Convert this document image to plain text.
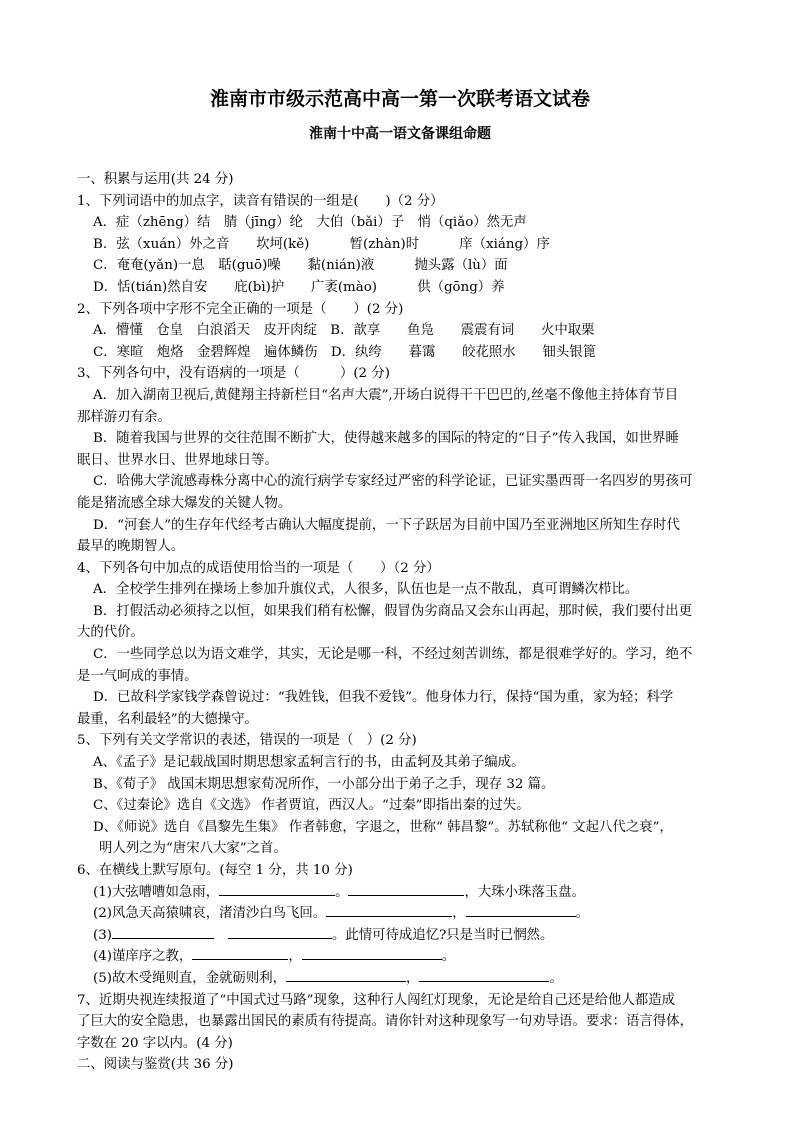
淮南市市级示范高中高一第一次联考语文试卷
淮南十中高一语文备课组命题
一、积累与运用(共 24 分)
1、下列词语中的加点字，读音有错误的一组是(　　)（2 分）
A．症（zhēng）结　腈（jīng）纶　大伯（bǎi）子　悄（qiǎo）然无声
B．弦（xuán）外之音　　坎坷(kě)　　　暂(zhàn)时　　　庠（xiáng）序
C．奄奄(yǎn)一息　聒(guō)噪　　黏(nián)液　　　抛头露（lù）面
D．恬(tián)然自安　　庇(bì)护　　广袤(mào)　　　供（gōng）养
2、下列各项中字形不完全正确的一项是（　　）(2 分)
A．懵懂　仓皇　白浪滔天　皮开肉绽　B．歆享　　鱼凫　　震震有词　　火中取栗
C．寒暄　炮烙　金碧辉煌　遍体鳞伤　D．纨绔　　暮霭　　皎花照水　　钿头银篦
3、下列各句中，没有语病的一项是（　　　）(2 分)
A．加入湖南卫视后,黄健翔主持新栏目“名声大震”,开场白说得干干巴巴的,丝毫不像他主持体育节目
那样游刃有余。
B．随着我国与世界的交往范围不断扩大，使得越来越多的国际的特定的“日子”传入我国，如世界睡
眠日、世界水日、世界地球日等。
C．哈佛大学流感毒株分离中心的流行病学专家经过严密的科学论证，已证实墨西哥一名四岁的男孩可
能是猪流感全球大爆发的关键人物。
D．“河套人”的生存年代经考古确认大幅度提前，一下子跃居为目前中国乃至亚洲地区所知生存时代
最早的晚期智人。
4、下列各句中加点的成语使用恰当的一项是（　　）（2 分）
A．全校学生排列在操场上参加升旗仪式，人很多，队伍也是一点不散乱，真可谓鳞次栉比。
B．打假活动必须持之以恒，如果我们稍有松懈，假冒伪劣商品又会东山再起，那时候，我们要付出更
大的代价。
C．一些同学总以为语文难学，其实，无论是哪一科，不经过刻苦训练，都是很难学好的。学习，绝不
是一气呵成的事情。
D．已故科学家钱学森曾说过：“我姓钱，但我不爱钱”。他身体力行，保持“国为重，家为轻；科学
最重，名利最轻”的大德操守。
5、下列有关文学常识的表述，错误的一项是（　）(2 分)
A、《孟子》是记载战国时期思想家孟轲言行的书，由孟轲及其弟子编成。
B、《荀子》 战国末期思想家荀况所作，一小部分出于弟子之手，现存 32 篇。
C、《过秦论》选自《文选》 作者贾谊，西汉人。“过秦”即指出秦的过失。
D、《师说》选自《昌黎先生集》 作者韩愈，字退之，世称“ 韩昌黎”。苏轼称他“ 文起八代之衰”，
明人列之为“唐宋八大家”之首。
6、在横线上默写原句。(每空 1 分，共 10 分)
(1)大弦嘈嘈如急雨，	。	，大珠小珠落玉盘。
(2)风急天高猿啸哀，渚清沙白鸟飞回。	，	。
(3)	。此情可待成追忆?只是当时已惘然。
(4)谨庠序之教，	，	。
(5)故木受绳则直，金就砺则利，	，	。
7、近期央视连续报道了“中国式过马路”现象，这种行人闯红灯现象，无论是给自己还是给他人都造成
了巨大的安全隐患，也暴露出国民的素质有待提高。请你针对这种现象写一句劝导语。要求：语言得体，
字数在 20 字以内。(4 分)
二、阅读与鉴赏(共 36 分)
